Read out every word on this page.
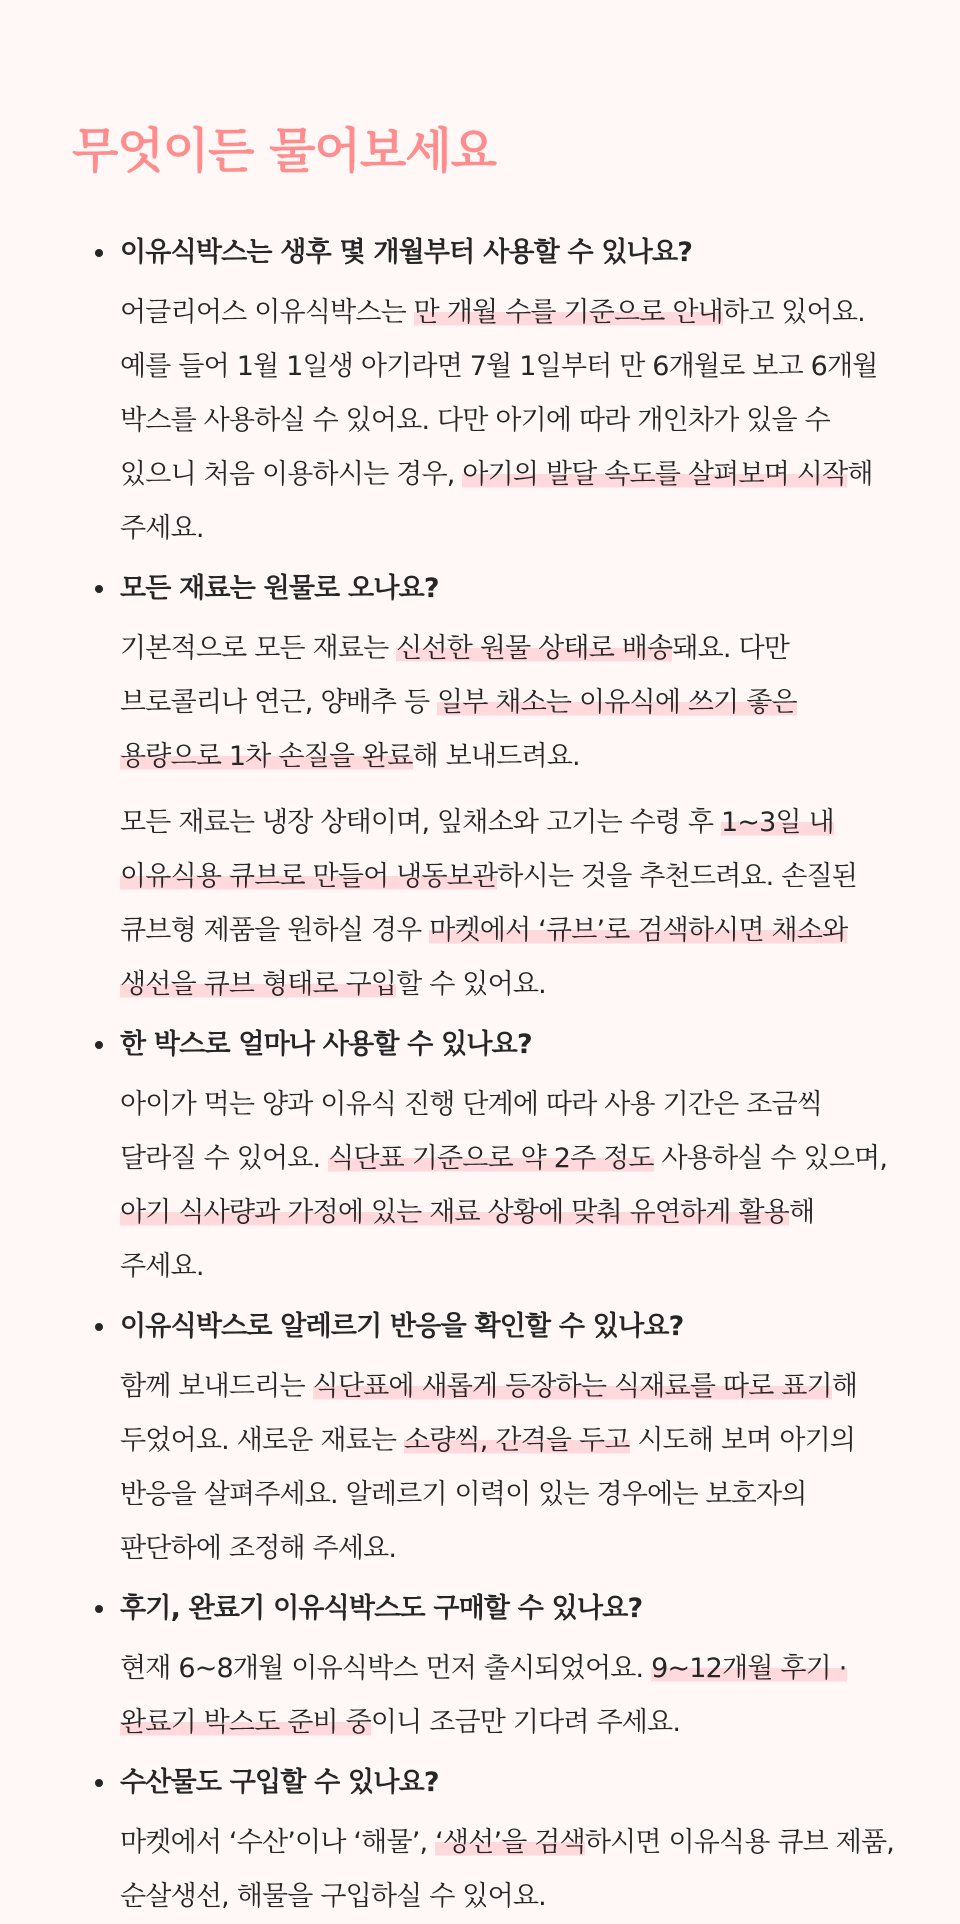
무엇이든 물어보세요

이유식박스는 생후 몇 개월부터 사용할 수 있나요?

어글리어스 이유식박스는 만 개월 수를 기준으로 안내하고 있어요. 예를 들어 1월 1일생 아기라면 7월 1일부터 만 6개월로 보고 6개월 박스를 사용하실 수 있어요. 다만 아기에 따라 개인차가 있을 수 있으니 처음 이용하시는 경우, 아기의 발달 속도를 살펴보며 시작해 주세요.

모든 재료는 원물로 오나요?

기본적으로 모든 재료는 신선한 원물 상태로 배송돼요. 다만 브로콜리나 연근, 양배추 등 일부 채소는 이유식에 쓰기 좋은 용량으로 1차 손질을 완료해 보내드려요.

모든 재료는 냉장 상태이며, 잎채소와 고기는 수령 후 1~3일 내 이유식용 큐브로 만들어 냉동보관하시는 것을 추천드려요. 손질된 큐브형 제품을 원하실 경우 마켓에서 ‘큐브’로 검색하시면 채소와 생선을 큐브 형태로 구입할 수 있어요.

한 박스로 얼마나 사용할 수 있나요?

아이가 먹는 양과 이유식 진행 단계에 따라 사용 기간은 조금씩 달라질 수 있어요. 식단표 기준으로 약 2주 정도 사용하실 수 있으며, 아기 식사량과 가정에 있는 재료 상황에 맞춰 유연하게 활용해 주세요.

이유식박스로 알레르기 반응을 확인할 수 있나요?

함께 보내드리는 식단표에 새롭게 등장하는 식재료를 따로 표기해 두었어요. 새로운 재료는 소량씩, 간격을 두고 시도해 보며 아기의 반응을 살펴주세요. 알레르기 이력이 있는 경우에는 보호자의 판단하에 조정해 주세요.

후기, 완료기 이유식박스도 구매할 수 있나요?

현재 6~8개월 이유식박스 먼저 출시되었어요. 9~12개월 후기 · 완료기 박스도 준비 중이니 조금만 기다려 주세요.

수산물도 구입할 수 있나요?

마켓에서 ‘수산’이나 ‘해물’, ‘생선’을 검색하시면 이유식용 큐브 제품, 순살생선, 해물을 구입하실 수 있어요.
